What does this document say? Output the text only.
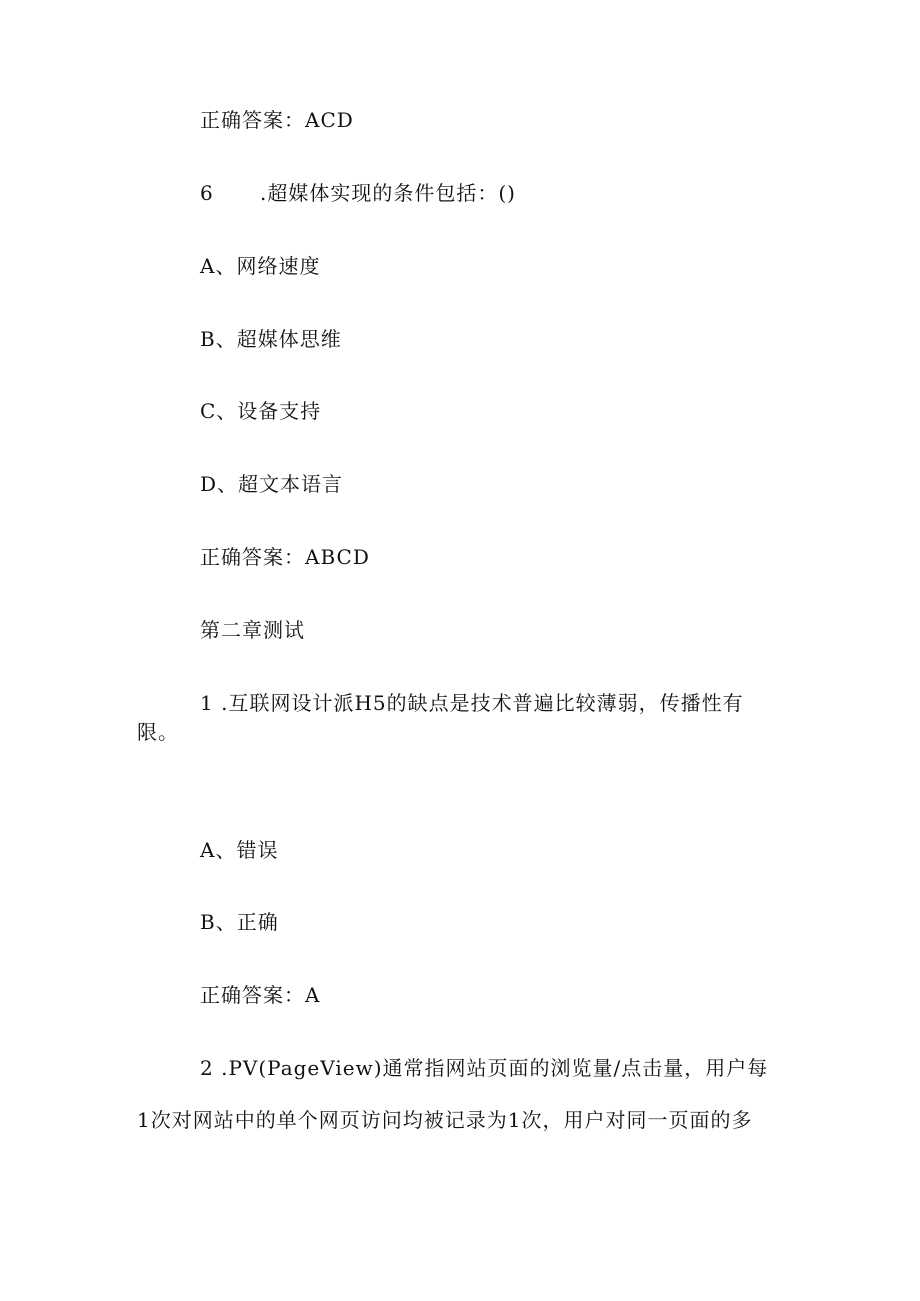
正确答案：ACD
6 .超媒体实现的条件包括：()
A、网络速度
B、超媒体思维
C、设备支持
D、超文本语言
正确答案：ABCD
第二章测试
1 .互联网设计派H5的缺点是技术普遍比较薄弱，传播性有
限。
A、错误
B、正确
正确答案：A
2 .PV(PageView)通常指网站页面的浏览量/点击量，用户每
1次对网站中的单个网页访问均被记录为1次，用户对同一页面的多
